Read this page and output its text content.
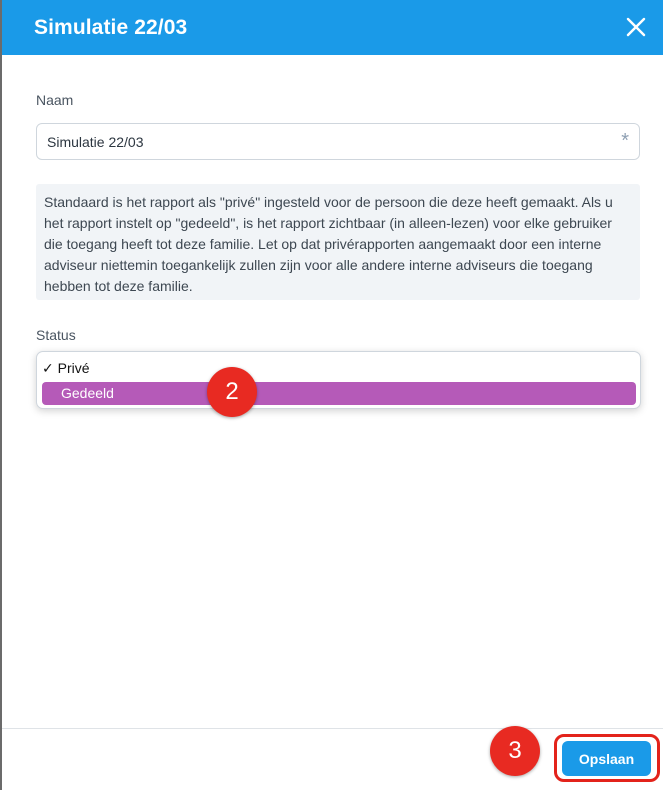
Simulatie 22/03
Naam
Simulatie 22/03	*
Standaard is het rapport als "privé" ingesteld voor de persoon die deze heeft gemaakt. Als u het rapport instelt op "gedeeld", is het rapport zichtbaar (in alleen-lezen) voor elke gebruiker die toegang heeft tot deze familie. Let op dat privérapporten aangemaakt door een interne adviseur niettemin toegankelijk zullen zijn voor alle andere interne adviseurs die toegang hebben tot deze familie.
Status
✓ Privé
Gedeeld	2
3	Opslaan
